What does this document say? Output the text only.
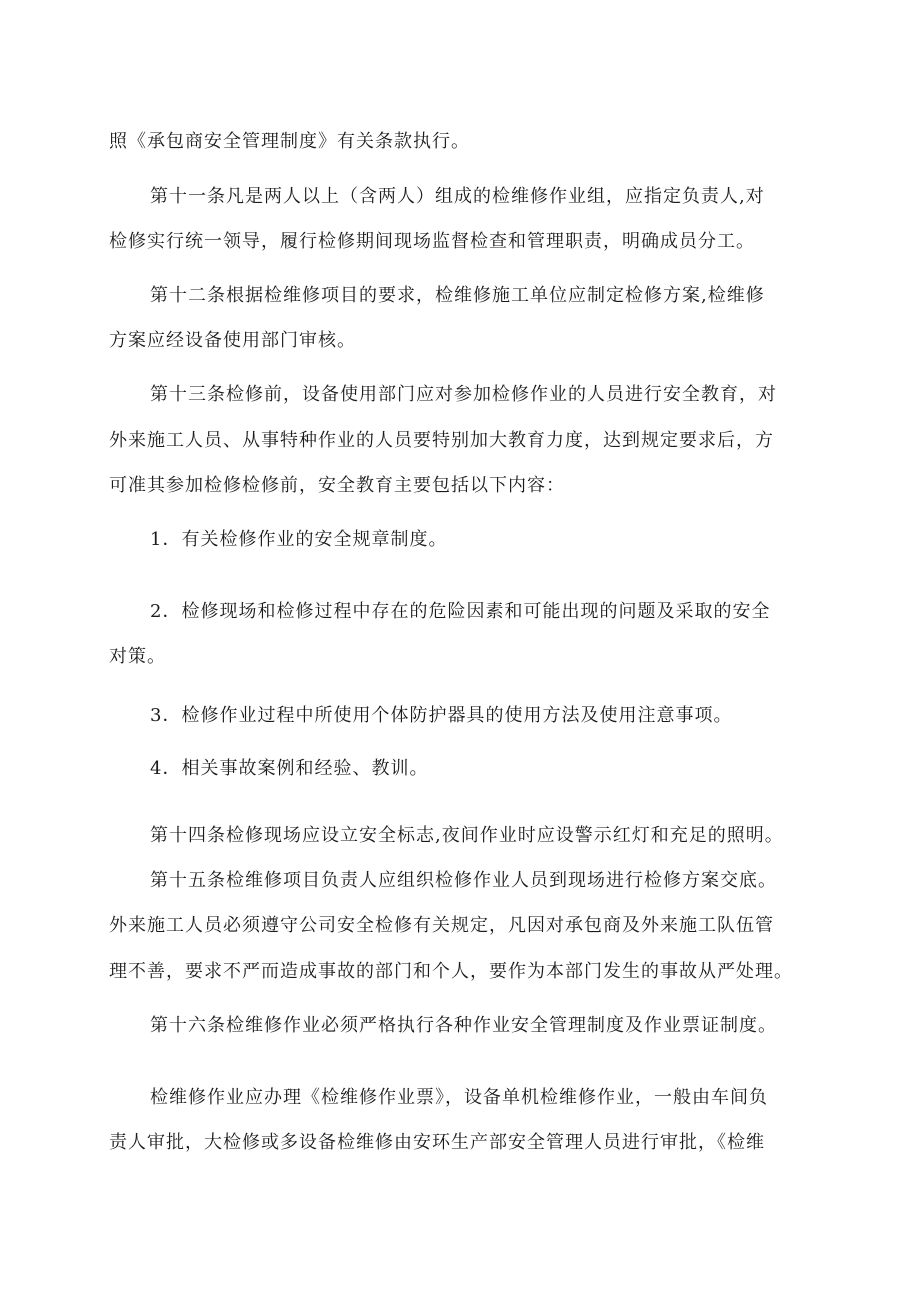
照《承包商安全管理制度》有关条款执行。
第十一条凡是两人以上（含两人）组成的检维修作业组，应指定负责人,对
检修实行统一领导，履行检修期间现场监督检查和管理职责，明确成员分工。
第十二条根据检维修项目的要求，检维修施工单位应制定检修方案,检维修
方案应经设备使用部门审核。
第十三条检修前，设备使用部门应对参加检修作业的人员进行安全教育，对
外来施工人员、从事特种作业的人员要特别加大教育力度，达到规定要求后，方
可准其参加检修检修前，安全教育主要包括以下内容：
1．有关检修作业的安全规章制度。
2．检修现场和检修过程中存在的危险因素和可能出现的问题及采取的安全
对策。
3．检修作业过程中所使用个体防护器具的使用方法及使用注意事项。
4．相关事故案例和经验、教训。
第十四条检修现场应设立安全标志,夜间作业时应设警示红灯和充足的照明。
第十五条检维修项目负责人应组织检修作业人员到现场进行检修方案交底。
外来施工人员必须遵守公司安全检修有关规定，凡因对承包商及外来施工队伍管
理不善，要求不严而造成事故的部门和个人，要作为本部门发生的事故从严处理。
第十六条检维修作业必须严格执行各种作业安全管理制度及作业票证制度。
检维修作业应办理《检维修作业票》，设备单机检维修作业，一般由车间负
责人审批，大检修或多设备检维修由安环生产部安全管理人员进行审批，《检维
